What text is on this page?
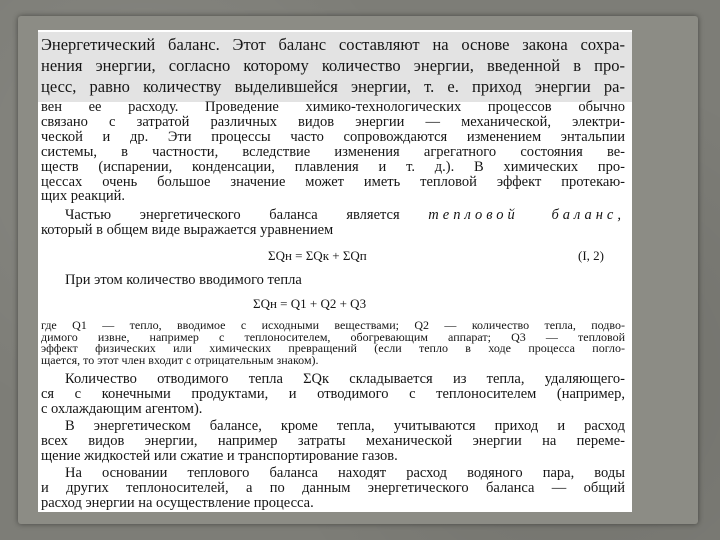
Энергетический баланс. Этот баланс составляют на основе закона сохра-
нения энергии, согласно которому количество энергии, введенной в про-
цесс, равно количеству выделившейся энергии, т. е. приход энергии ра-
вен ее расходу. Проведение химико-технологических процессов обычно
связано с затратой различных видов энергии — механической, электри-
ческой и др. Эти процессы часто сопровождаются изменением энтальпии
системы, в частности, вследствие изменения агрегатного состояния ве-
ществ (испарении, конденсации, плавления и т. д.). В химических про-
цессах очень большое значение может иметь тепловой эффект протекаю-
щих реакций.
Частью энергетического баланса является тепловой баланс,
который в общем виде выражается уравнением
ΣQн = ΣQк + ΣQп	(I, 2)
При этом количество вводимого тепла
ΣQн = Q1 + Q2 + Q3
где Q1 — тепло, вводимое с исходными веществами; Q2 — количество тепла, подво-
димого извне, например с теплоносителем, обогревающим аппарат; Q3 — тепловой
эффект физических или химических превращений (если тепло в ходе процесса погло-
щается, то этот член входит с отрицательным знаком).
Количество отводимого тепла ΣQк складывается из тепла, удаляющего-
ся с конечными продуктами, и отводимого с теплоносителем (например,
с охлаждающим агентом).
В энергетическом балансе, кроме тепла, учитываются приход и расход
всех видов энергии, например затраты механической энергии на переме-
щение жидкостей или сжатие и транспортирование газов.
На основании теплового баланса находят расход водяного пара, воды
и других теплоносителей, а по данным энергетического баланса — общий
расход энергии на осуществление процесса.
